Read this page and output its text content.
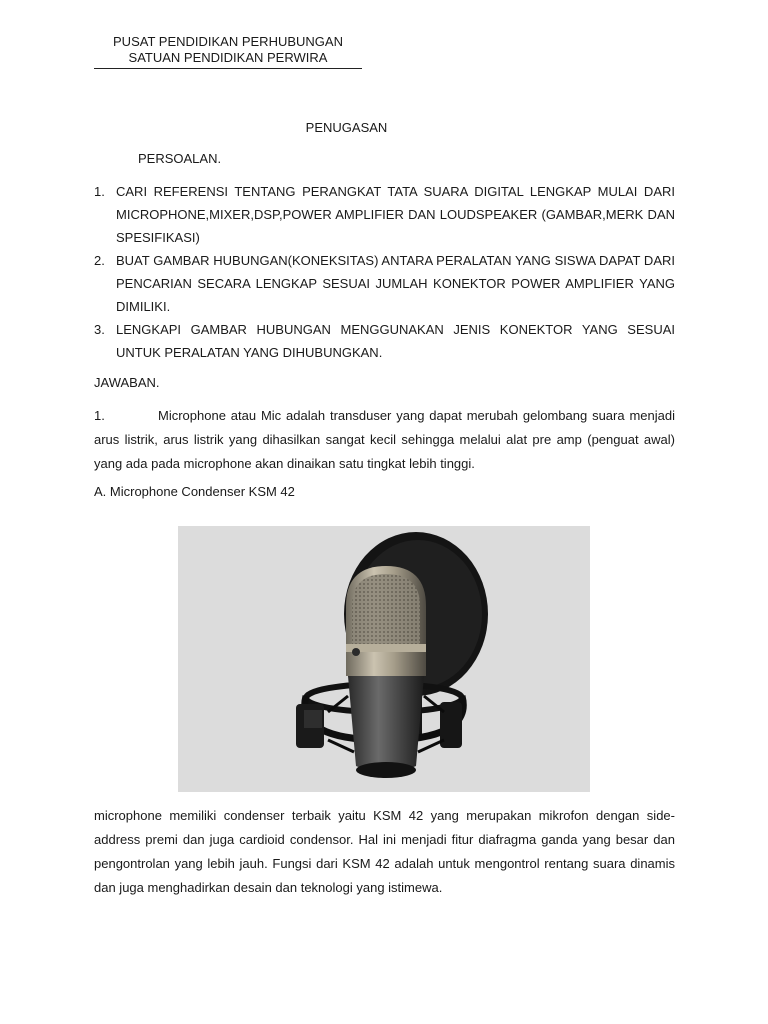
PUSAT PENDIDIKAN PERHUBUNGAN
SATUAN PENDIDIKAN PERWIRA
PENUGASAN
PERSOALAN.
1. CARI REFERENSI TENTANG PERANGKAT TATA SUARA DIGITAL LENGKAP MULAI DARI MICROPHONE,MIXER,DSP,POWER AMPLIFIER DAN LOUDSPEAKER (GAMBAR,MERK DAN SPESIFIKASI)
2. BUAT GAMBAR HUBUNGAN(KONEKSITAS) ANTARA PERALATAN YANG SISWA DAPAT DARI PENCARIAN SECARA LENGKAP SESUAI JUMLAH KONEKTOR POWER AMPLIFIER YANG DIMILIKI.
3. LENGKAPI GAMBAR HUBUNGAN MENGGUNAKAN JENIS KONEKTOR YANG SESUAI UNTUK PERALATAN YANG DIHUBUNGKAN.
JAWABAN.
1.	Microphone atau Mic adalah transduser yang dapat merubah gelombang suara menjadi arus listrik, arus listrik yang dihasilkan sangat kecil sehingga melalui alat pre amp (penguat awal) yang ada pada microphone akan dinaikan satu tingkat lebih tinggi.
A. Microphone Condenser KSM 42
microphone memiliki condenser terbaik yaitu KSM 42 yang merupakan mikrofon dengan side-address premi dan juga cardioid condensor. Hal ini menjadi fitur diafragma ganda yang besar dan pengontrolan yang lebih jauh. Fungsi dari KSM 42 adalah untuk mengontrol rentang suara dinamis dan juga menghadirkan desain dan teknologi yang istimewa.
